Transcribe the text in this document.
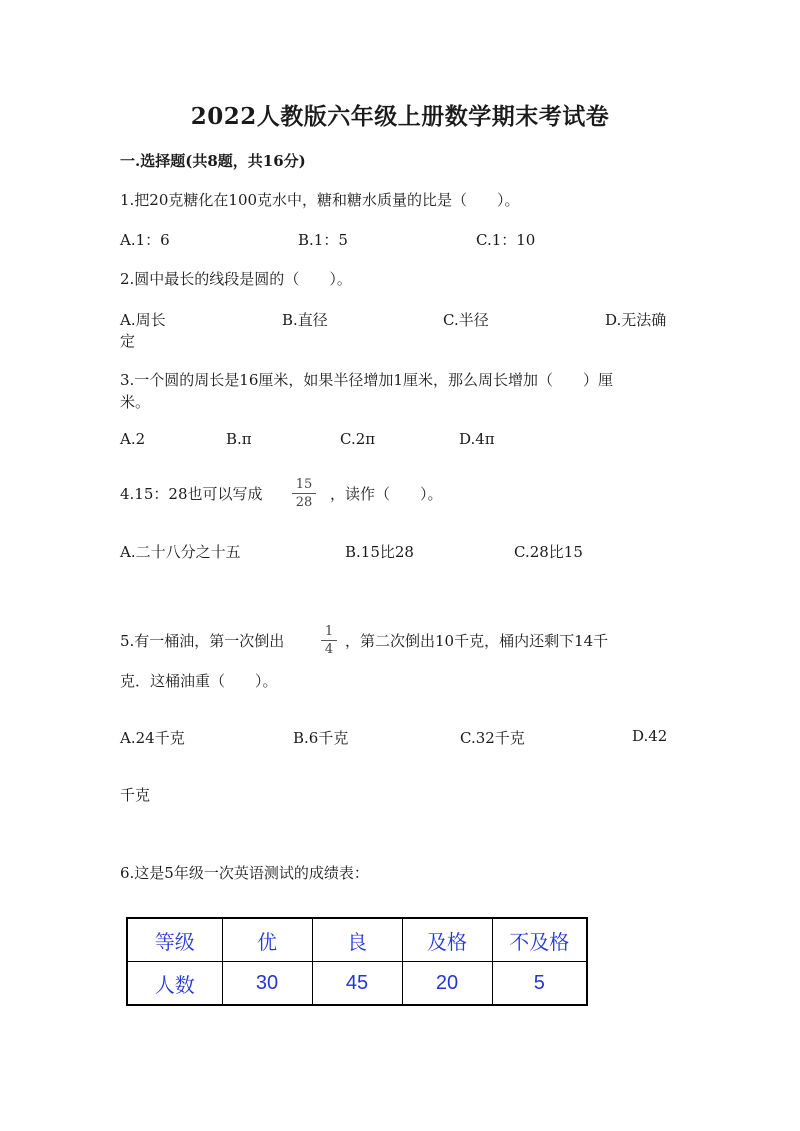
2022人教版六年级上册数学期末考试卷
一.选择题(共8题，共16分)
1.把20克糖化在100克水中，糖和糖水质量的比是（　　）。
A.1：6	B.1：5	C.1：10
2.圆中最长的线段是圆的（　　）。
A.周长	B.直径	C.半径	D.无法确
定
3.一个圆的周长是16厘米，如果半径增加1厘米，那么周长增加（　　）厘
米。
A.2	B.π	C.2π	D.4π
4.15：28也可以写成
15
28 ，读作（　　）。
A.二十八分之十五	B.15比28	C.28比15
5.有一桶油，第一次倒出
1
4 ，第二次倒出10千克，桶内还剩下14千
克．这桶油重（　　）。
A.24千克	B.6千克	C.32千克	D.42
千克
6.这是5年级一次英语测试的成绩表：
等级	优	良	及格	不及格
人数	30	45	20	5
